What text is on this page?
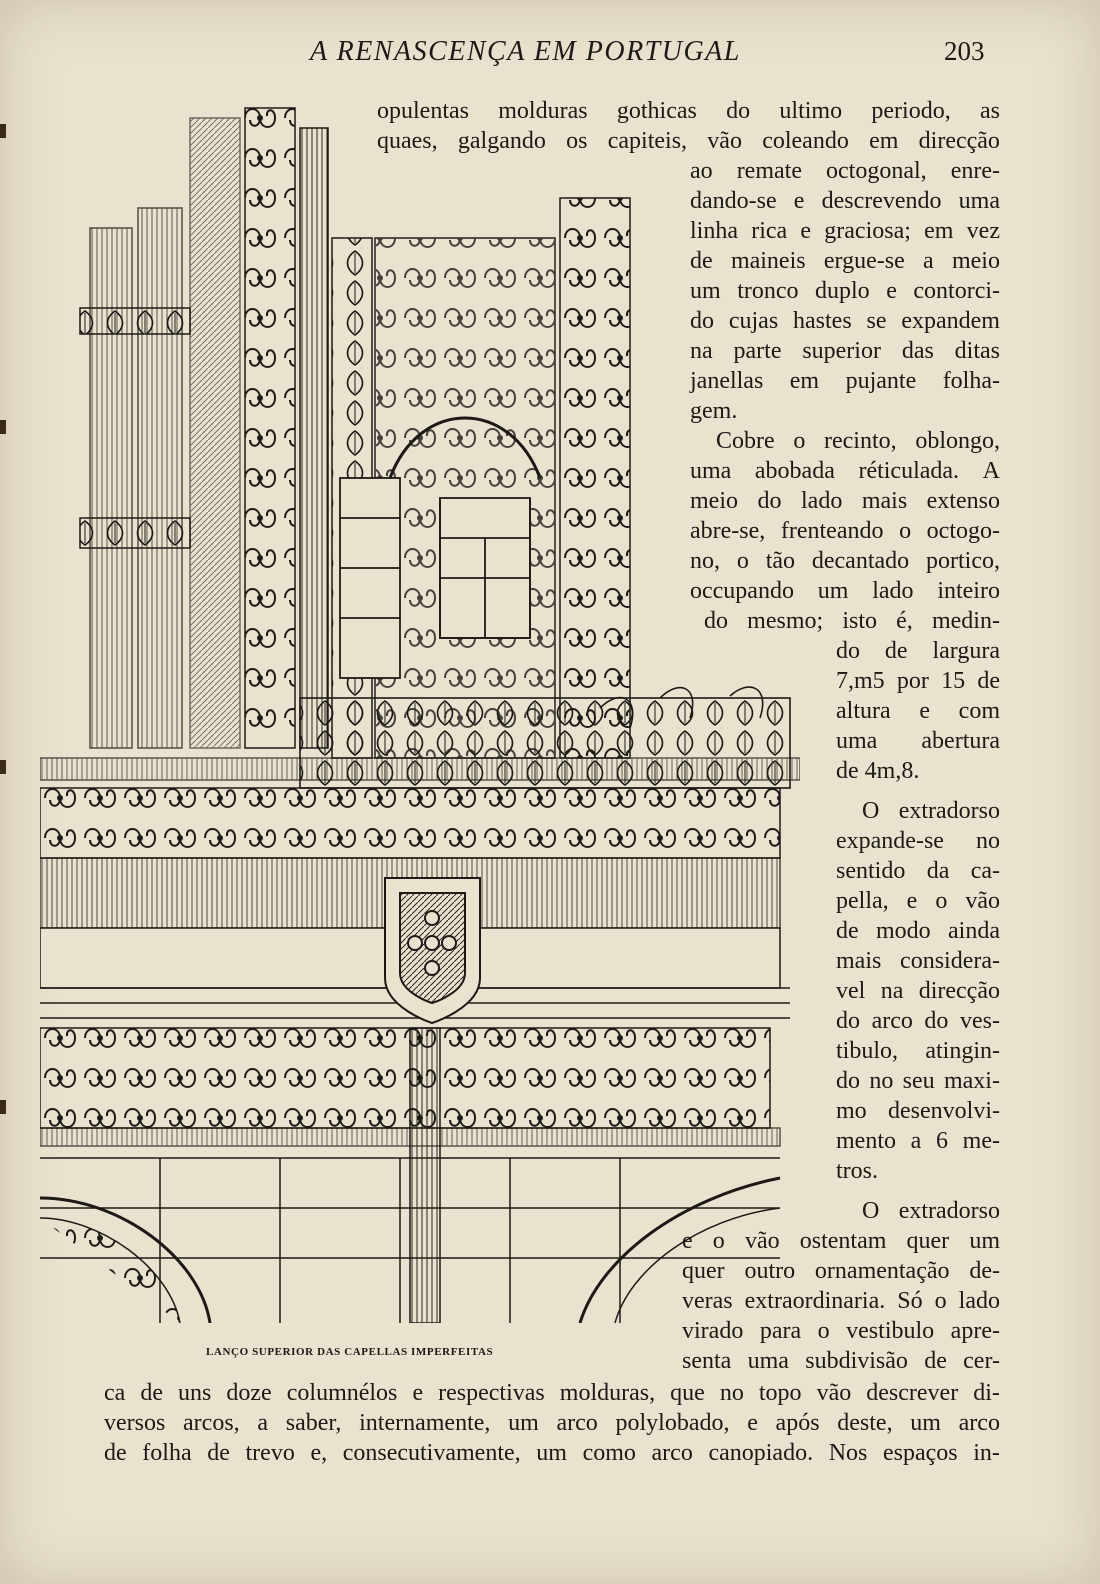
A RENASCENÇA EM PORTUGAL	203
LANÇO SUPERIOR DAS CAPELLAS IMPERFEITAS
opulentas molduras gothicas do ultimo periodo, as
quaes, galgando os capiteis, vão coleando em direcção
ao remate octogonal, enre-
dando-se e descrevendo uma
linha rica e graciosa; em vez
de maineis ergue-se a meio
um tronco duplo e contorci-
do cujas hastes se expandem
na parte superior das ditas
janellas em pujante folha-
gem.
Cobre o recinto, oblongo,
uma abobada réticulada. A
meio do lado mais extenso
abre-se, frenteando o octogo-
no, o tão decantado portico,
occupando um lado inteiro
do mesmo; isto é, medin-
do de largura
7,m5 por 15 de
altura e com
uma abertura
de 4m,8.
O extradorso
expande-se no
sentido da ca-
pella, e o vão
de modo ainda
mais considera-
vel na direcção
do arco do ves-
tibulo, atingin-
do no seu maxi-
mo desenvolvi-
mento a 6 me-
tros.
O extradorso
e o vão ostentam quer um
quer outro ornamentação de-
veras extraordinaria. Só o lado
virado para o vestibulo apre-
senta uma subdivisão de cer-
ca de uns doze columnélos e respectivas molduras, que no topo vão descrever di-
versos arcos, a saber, internamente, um arco polylobado, e após deste, um arco
de folha de trevo e, consecutivamente, um como arco canopiado. Nos espaços in-
